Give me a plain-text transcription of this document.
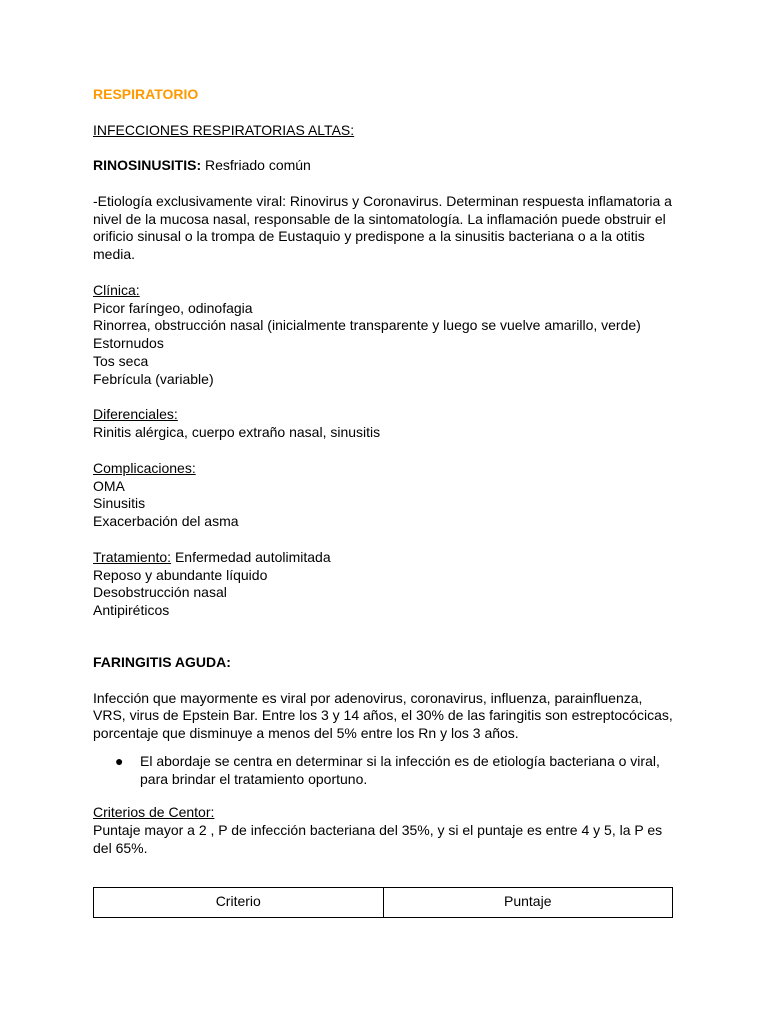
RESPIRATORIO

INFECCIONES RESPIRATORIAS ALTAS:

RINOSINUSITIS: Resfriado común

-Etiología exclusivamente viral: Rinovirus y Coronavirus. Determinan respuesta inflamatoria a nivel de la mucosa nasal, responsable de la sintomatología. La inflamación puede obstruir el orificio sinusal o la trompa de Eustaquio y predispone a la sinusitis bacteriana o a la otitis media.

Clínica:

Picor faríngeo, odinofagia

Rinorrea, obstrucción nasal (inicialmente transparente y luego se vuelve amarillo, verde)

Estornudos

Tos seca

Febrícula (variable)

Diferenciales:

Rinitis alérgica, cuerpo extraño nasal, sinusitis

Complicaciones:

OMA

Sinusitis

Exacerbación del asma

Tratamiento: Enfermedad autolimitada

Reposo y abundante líquido

Desobstrucción nasal

Antipiréticos

FARINGITIS AGUDA:

Infección que mayormente es viral por adenovirus, coronavirus, influenza, parainfluenza, VRS, virus de Epstein Bar. Entre los 3 y 14 años, el 30% de las faringitis son estreptocócicas, porcentaje que disminuye a menos del 5% entre los Rn y los 3 años.

●	El abordaje se centra en determinar si la infección es de etiología bacteriana o viral, para brindar el tratamiento oportuno.

Criterios de Centor:

Puntaje mayor a 2 , P de infección bacteriana del 35%, y si el puntaje es entre 4 y 5, la P es del 65%.

Criterio	Puntaje
